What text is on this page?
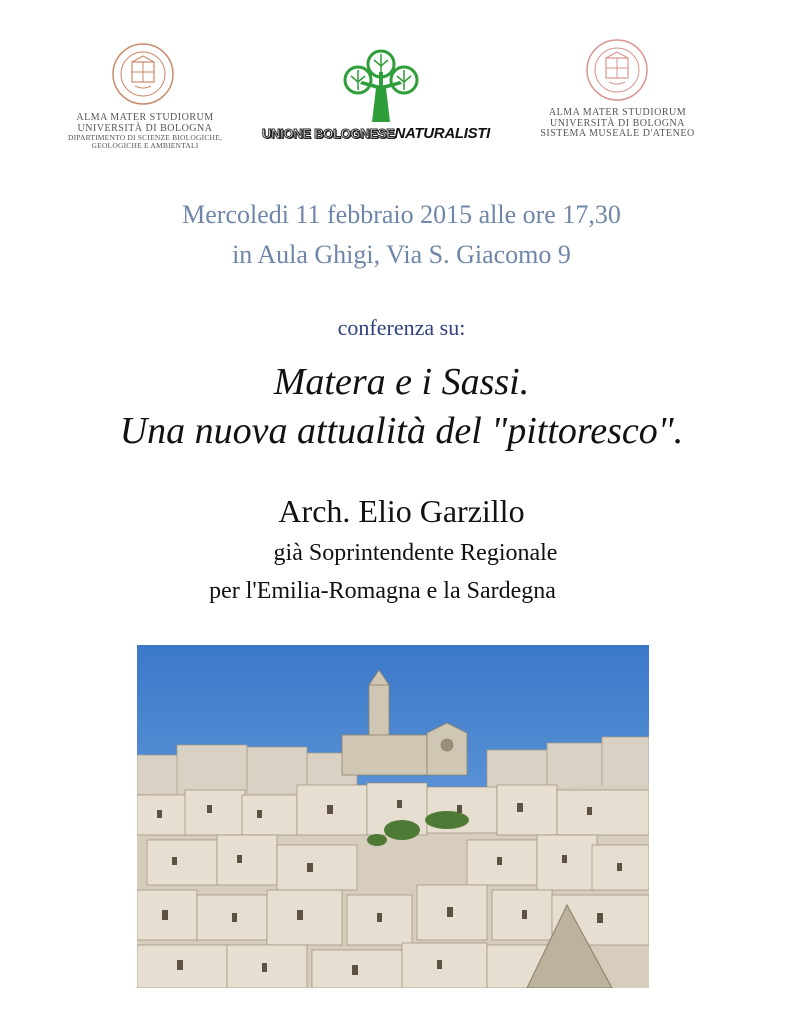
ALMA MATER STUDIORUM
UNIVERSITÀ DI BOLOGNA
DIPARTIMENTO DI SCIENZE BIOLOGICHE,
GEOLOGICHE E AMBIENTALI
UNIONE BOLOGNESENATURALISTI
ALMA MATER STUDIORUM
UNIVERSITÀ DI BOLOGNA
SISTEMA MUSEALE D'ATENEO
Mercoledi 11 febbraio 2015 alle ore 17,30
in Aula Ghigi, Via S. Giacomo 9
conferenza su:
Matera e i Sassi.
Una nuova attualità del "pittoresco".
Arch. Elio Garzillo
già Soprintendente Regionale
per l'Emilia-Romagna e la Sardegna
